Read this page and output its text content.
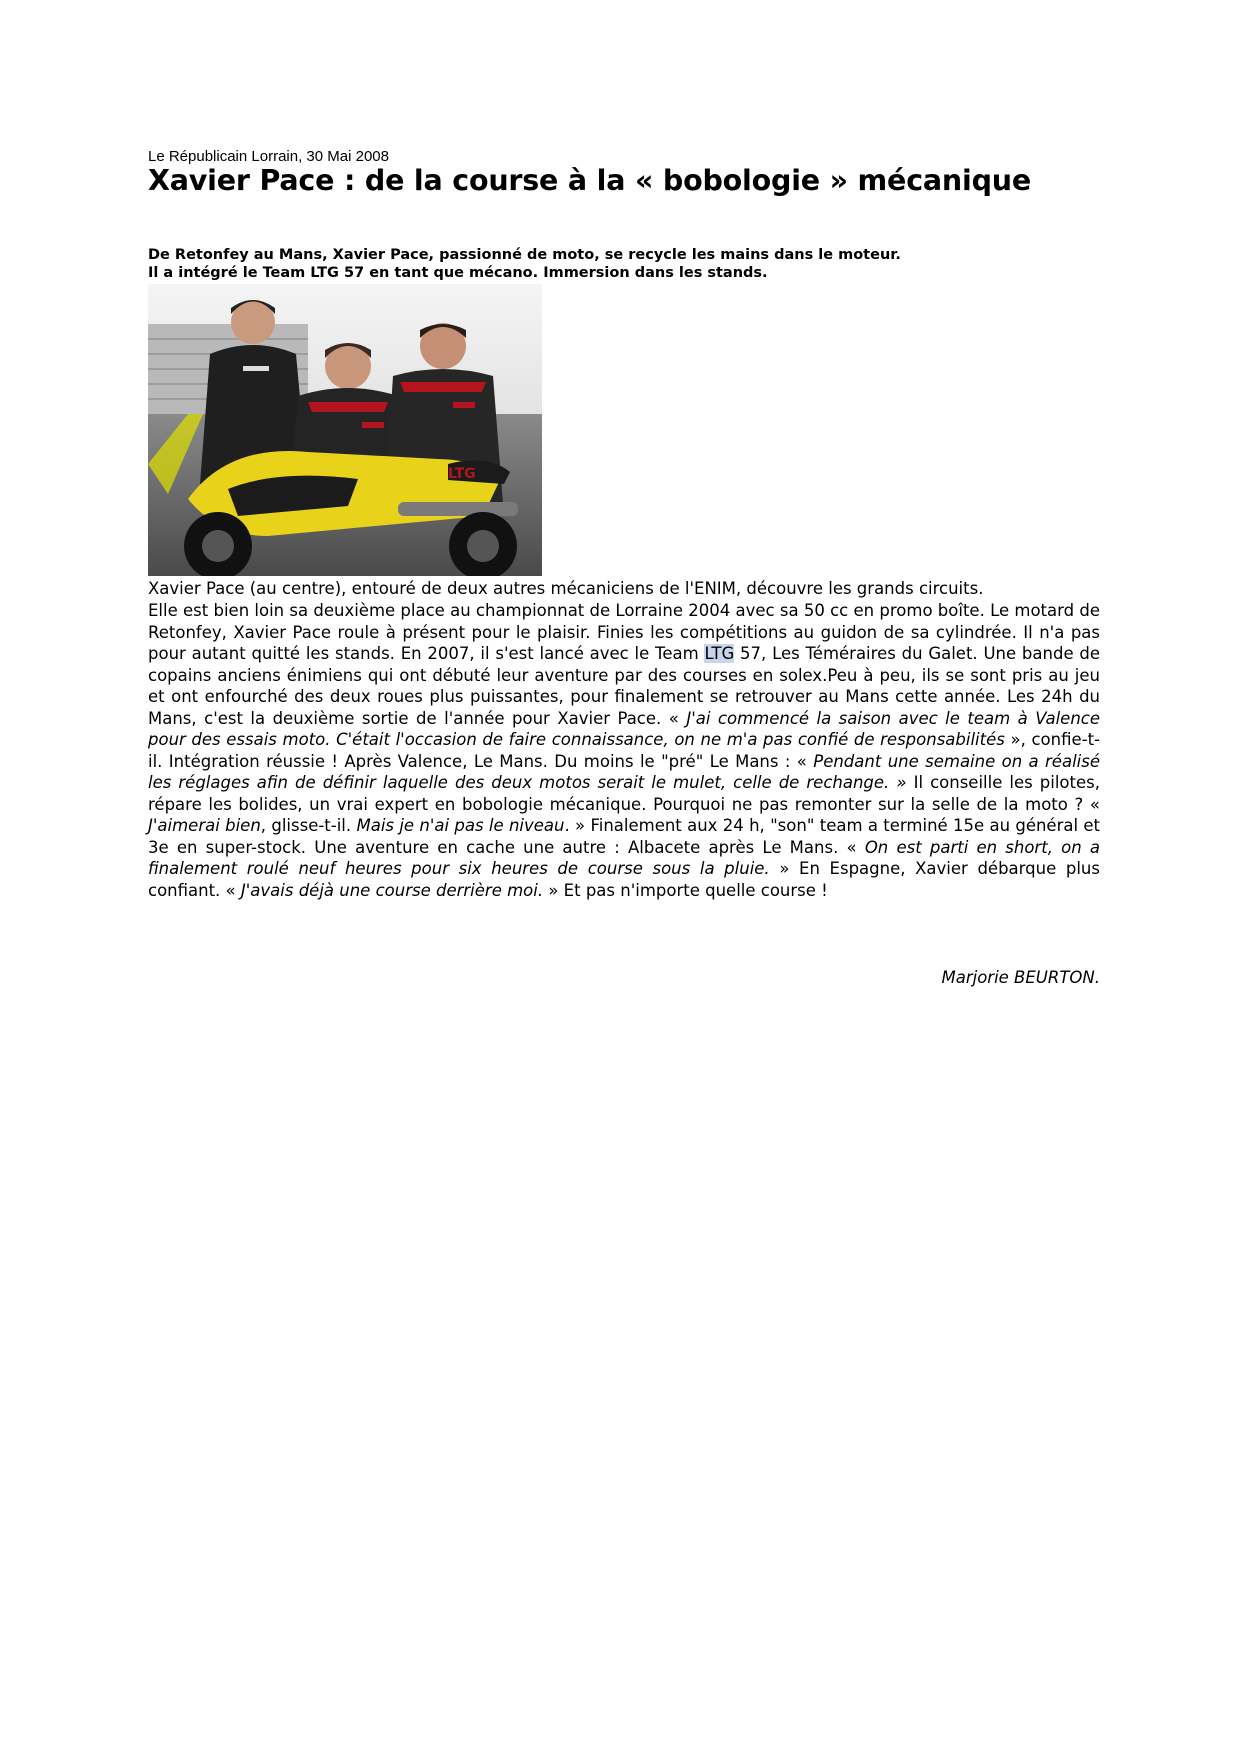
Le Républicain Lorrain, 30 Mai 2008
Xavier Pace : de la course à la « bobologie » mécanique
De Retonfey au Mans, Xavier Pace, passionné de moto, se recycle les mains dans le moteur.
Il a intégré le Team LTG 57 en tant que mécano. Immersion dans les stands.
LTG
Xavier Pace (au centre), entouré de deux autres mécaniciens de l'ENIM, découvre les grands circuits.

Elle est bien loin sa deuxième place au championnat de Lorraine 2004 avec sa 50 cc en promo boîte. Le motard de Retonfey, Xavier Pace roule à présent pour le plaisir. Finies les compétitions au guidon de sa cylindrée. Il n'a pas pour autant quitté les stands. En 2007, il s'est lancé avec le Team LTG 57, Les Téméraires du Galet. Une bande de copains anciens énimiens qui ont débuté leur aventure par des courses en solex.Peu à peu, ils se sont pris au jeu et ont enfourché des deux roues plus puissantes, pour finalement se retrouver au Mans cette année. Les 24h du Mans, c'est la deuxième sortie de l'année pour Xavier Pace. « J'ai commencé la saison avec le team à Valence pour des essais moto. C'était l'occasion de faire connaissance, on ne m'a pas confié de responsabilités », confie-t-il. Intégration réussie ! Après Valence, Le Mans. Du moins le "pré" Le Mans : « Pendant une semaine on a réalisé les réglages afin de définir laquelle des deux motos serait le mulet, celle de rechange. » Il conseille les pilotes, répare les bolides, un vrai expert en bobologie mécanique. Pourquoi ne pas remonter sur la selle de la moto ? « J'aimerai bien, glisse-t-il. Mais je n'ai pas le niveau. » Finalement aux 24 h, "son" team a terminé 15e au général et 3e en super-stock. Une aventure en cache une autre : Albacete après Le Mans. « On est parti en short, on a finalement roulé neuf heures pour six heures de course sous la pluie. » En Espagne, Xavier débarque plus confiant. « J'avais déjà une course derrière moi. » Et pas n'importe quelle course !

Marjorie BEURTON.
